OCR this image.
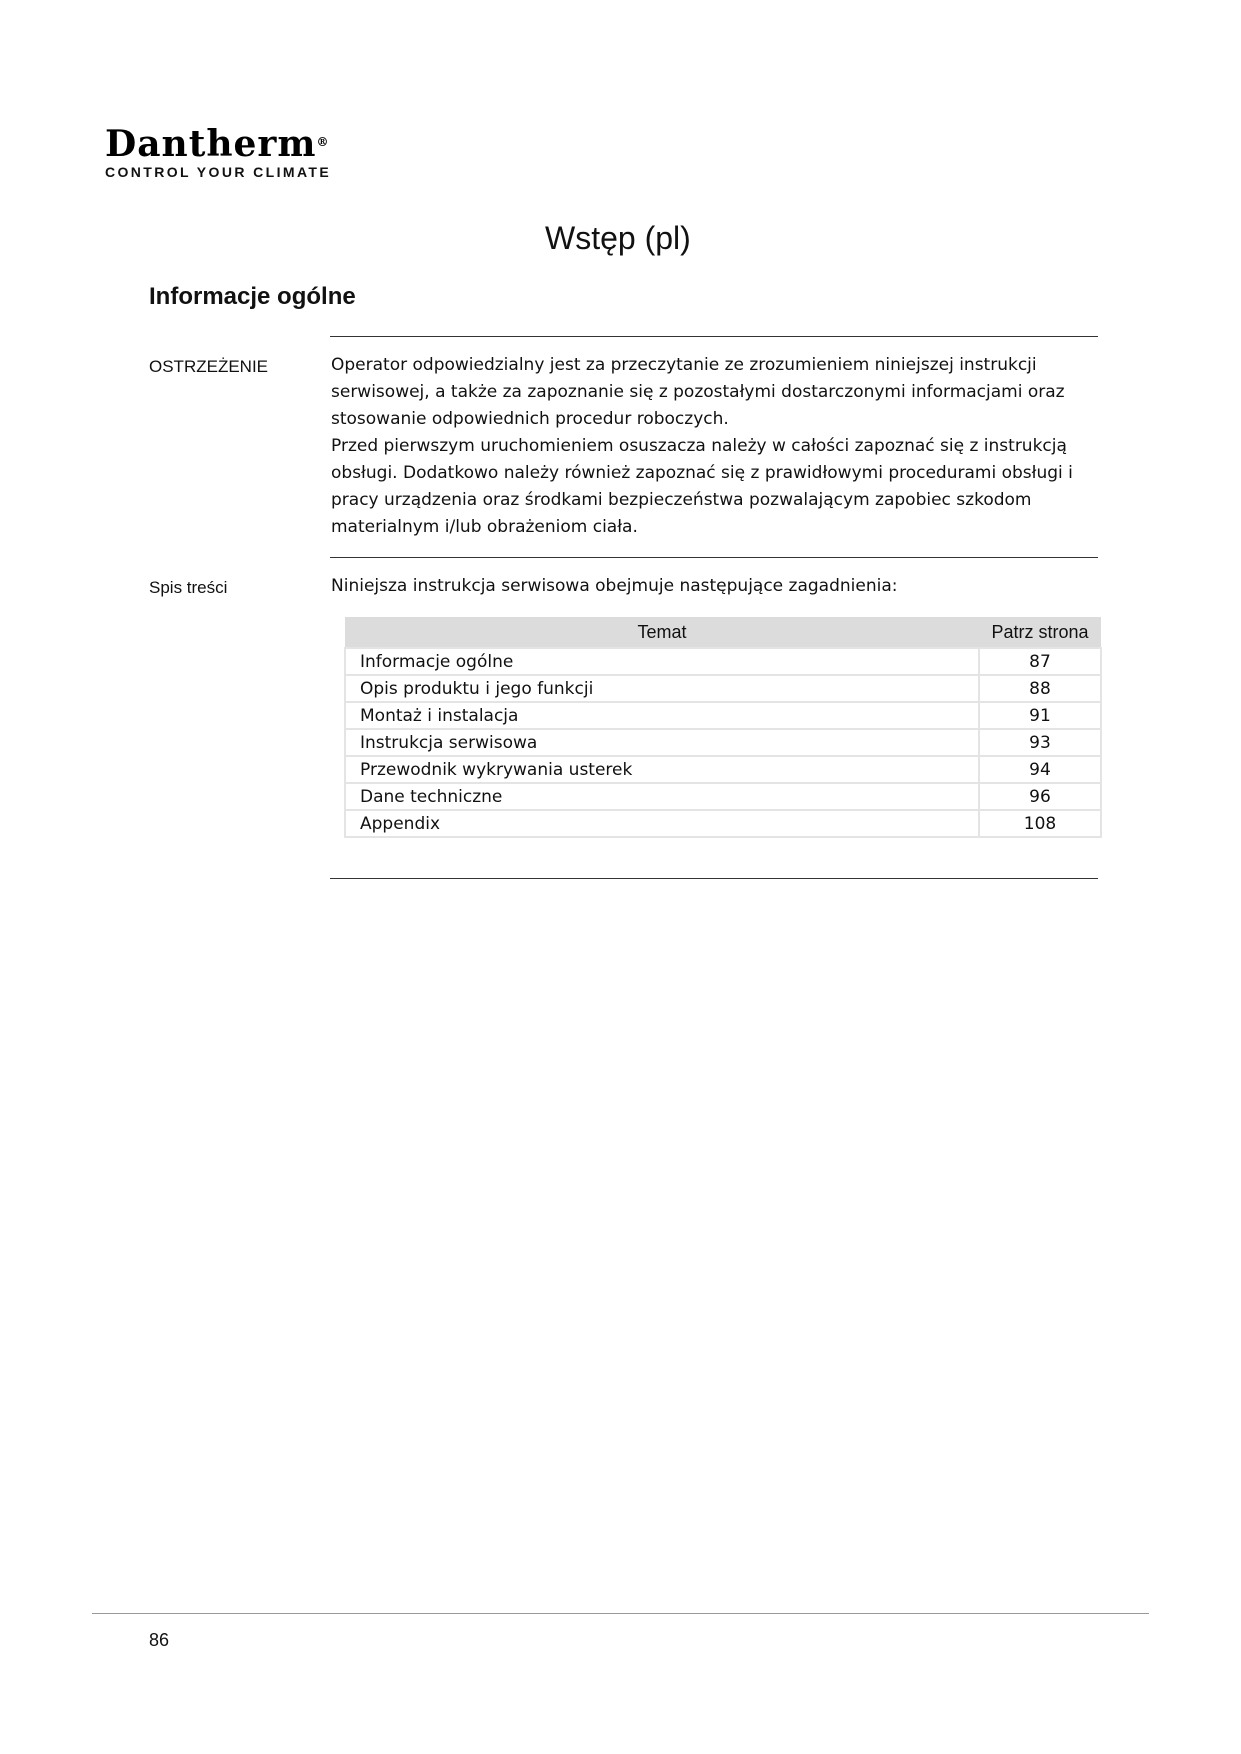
Dantherm®
CONTROL YOUR CLIMATE
Wstęp (pl)
Informacje ogólne
OSTRZEŻENIE	Operator odpowiedzialny jest za przeczytanie ze zrozumieniem niniejszej instrukcji serwisowej, a także za zapoznanie się z pozostałymi dostarczonymi informacjami oraz stosowanie odpowiednich procedur roboczych.

Przed pierwszym uruchomieniem osuszacza należy w całości zapoznać się z instrukcją obsługi. Dodatkowo należy również zapoznać się z prawidłowymi procedurami obsługi i pracy urządzenia oraz środkami bezpieczeństwa pozwalającym zapobiec szkodom materialnym i/lub obrażeniom ciała.

Spis treści	Niniejsza instrukcja serwisowa obejmuje następujące zagadnienia:
Temat	Patrz strona
Informacje ogólne	87
Opis produktu i jego funkcji	88
Montaż i instalacja	91
Instrukcja serwisowa	93
Przewodnik wykrywania usterek	94
Dane techniczne	96
Appendix	108
86
